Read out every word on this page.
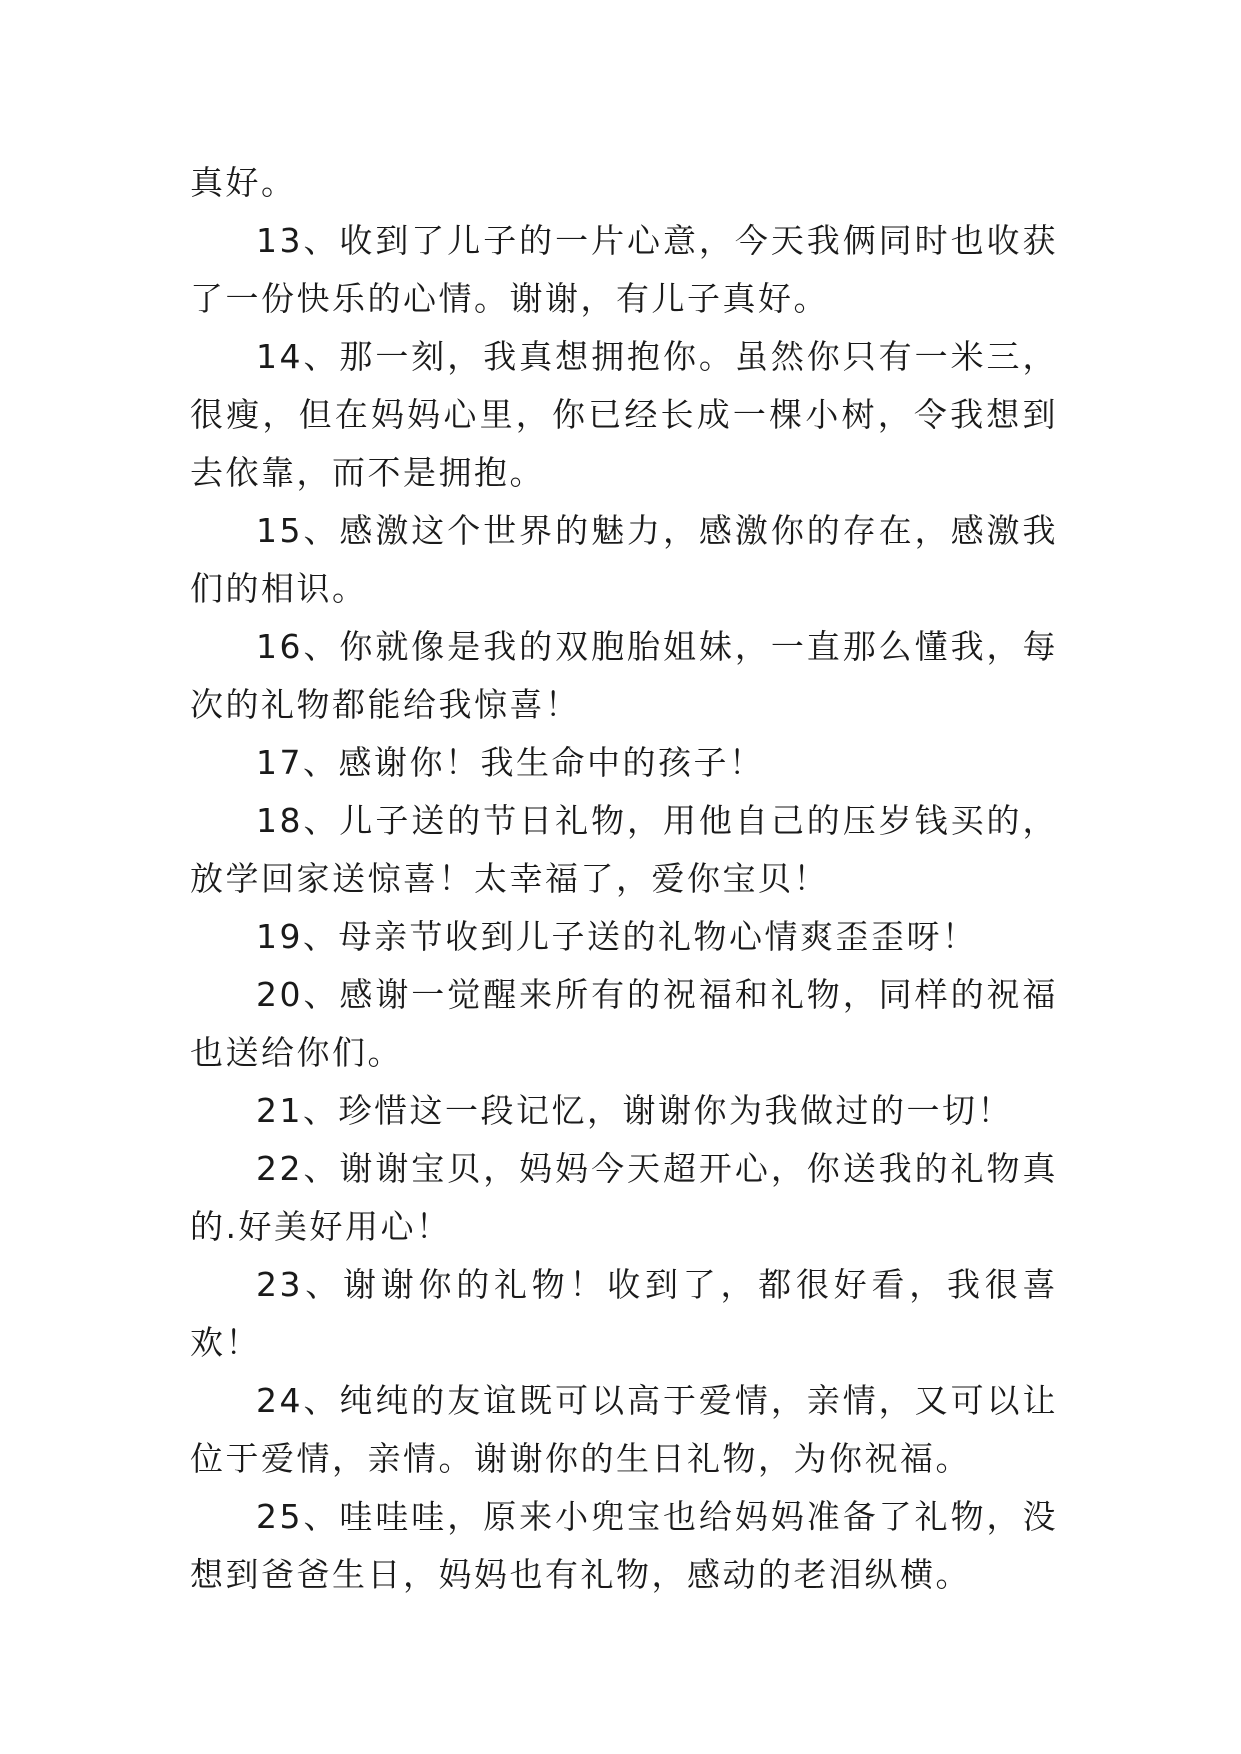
真好。

13、收到了儿子的一片心意，今天我俩同时也收获了一份快乐的心情。谢谢，有儿子真好。

14、那一刻，我真想拥抱你。虽然你只有一米三，很瘦，但在妈妈心里，你已经长成一棵小树，令我想到去依靠，而不是拥抱。

15、感激这个世界的魅力，感激你的存在，感激我们的相识。

16、你就像是我的双胞胎姐妹，一直那么懂我，每次的礼物都能给我惊喜！

17、感谢你！我生命中的孩子！

18、儿子送的节日礼物，用他自己的压岁钱买的，放学回家送惊喜！太幸福了，爱你宝贝！

19、母亲节收到儿子送的礼物心情爽歪歪呀！

20、感谢一觉醒来所有的祝福和礼物，同样的祝福也送给你们。

21、珍惜这一段记忆，谢谢你为我做过的一切！

22、谢谢宝贝，妈妈今天超开心，你送我的礼物真的.好美好用心！

23、谢谢你的礼物！收到了，都很好看，我很喜欢！

24、纯纯的友谊既可以高于爱情，亲情，又可以让位于爱情，亲情。谢谢你的生日礼物，为你祝福。

25、哇哇哇，原来小兜宝也给妈妈准备了礼物，没想到爸爸生日，妈妈也有礼物，感动的老泪纵横。
